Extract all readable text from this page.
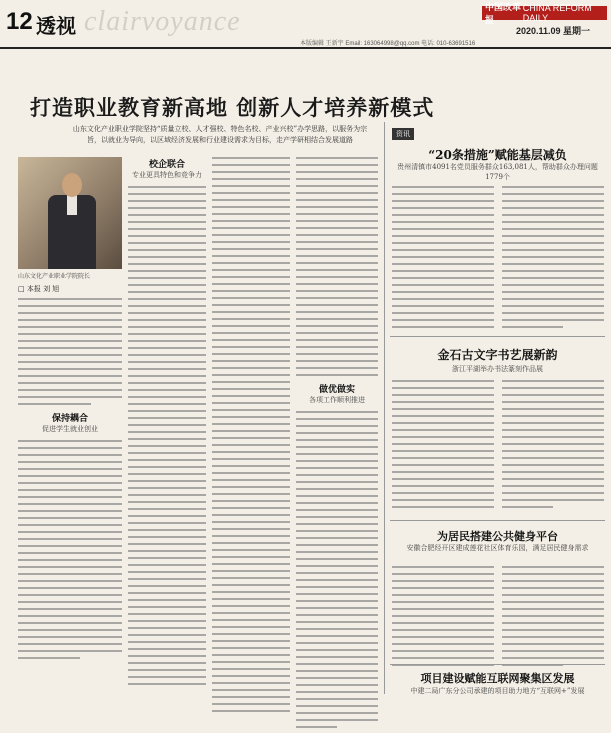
12 透视 clairvoyance	中国改革报
CHINA REFORM DAILY
2020.11.09 星期一
本版编辑 王新宇 Email: 163064998@qq.com 电话: 010-63691516
打造职业教育新高地 创新人才培养新模式
山东文化产业职业学院坚持“质量立校、人才强校、特色名校、产业兴校”办学思路，以服务为宗旨，以就业为导向，以区域经济发展和行业建设需求为目标，走产学研相结合发展道路
山东文化产业职业学院院长
□ 本报 刘 旭
保持耦合
促进学生就业创业
校企联合
专业更具特色和竞争力
做优做实
各项工作顺利推进
资讯
“20条措施”赋能基层减负
贵州清镇市4091名党员服务群众163,081人，帮助群众办理问题1779个
金石古文字书艺展新韵
浙江平湖举办书法篆刻作品展
为居民搭建公共健身平台
安徽合肥经开区建成莲花社区体育乐园，满足居民健身需求
项目建设赋能互联网聚集区发展
中建二局广东分公司承建的项目助力地方“互联网+”发展
